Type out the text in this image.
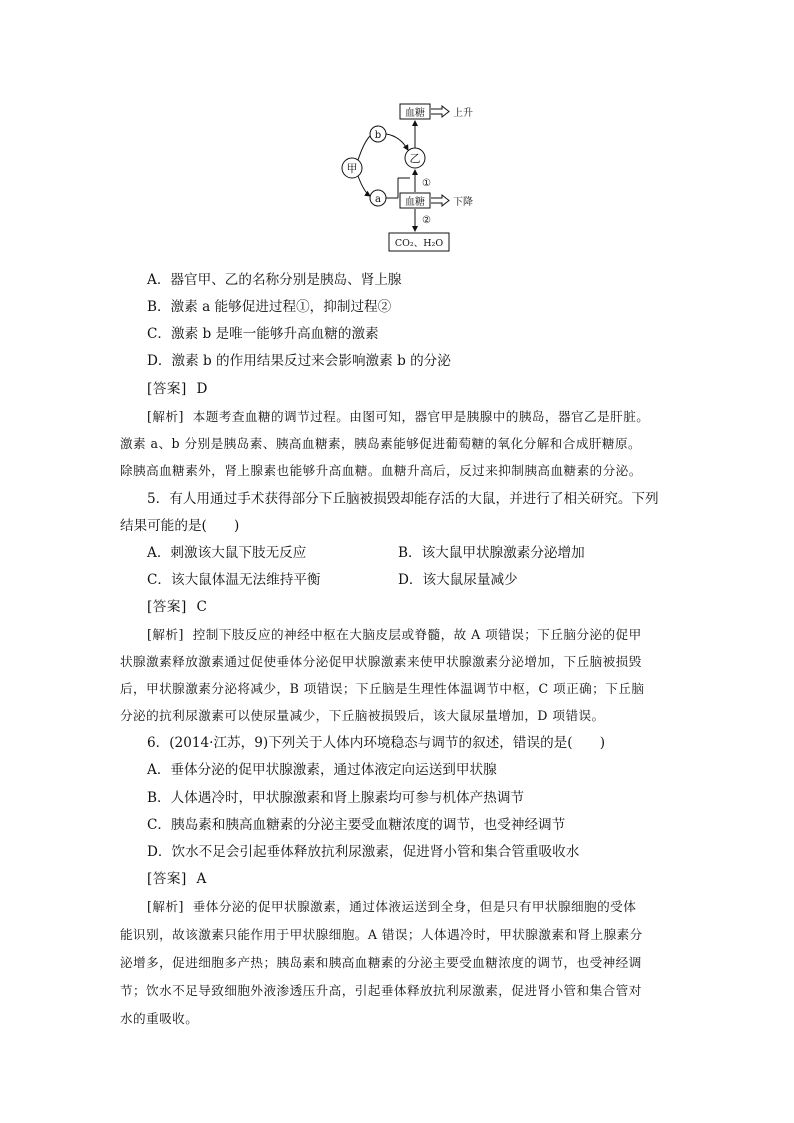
血糖	上升
b
甲
a
乙
①
血糖	下降
②
CO₂、H₂O
A．器官甲、乙的名称分别是胰岛、肾上腺
B．激素 a 能够促进过程①，抑制过程②
C．激素 b 是唯一能够升高血糖的激素
D．激素 b 的作用结果反过来会影响激素 b 的分泌
[答案] D
[解析] 本题考查血糖的调节过程。由图可知，器官甲是胰腺中的胰岛，器官乙是肝脏。
激素 a、b 分别是胰岛素、胰高血糖素，胰岛素能够促进葡萄糖的氧化分解和合成肝糖原。
除胰高血糖素外，肾上腺素也能够升高血糖。血糖升高后，反过来抑制胰高血糖素的分泌。
5．有人用通过手术获得部分下丘脑被损毁却能存活的大鼠，并进行了相关研究。下列
结果可能的是(　　)
A．刺激该大鼠下肢无反应	B．该大鼠甲状腺激素分泌增加
C．该大鼠体温无法维持平衡	D．该大鼠尿量减少
[答案] C
[解析] 控制下肢反应的神经中枢在大脑皮层或脊髓，故 A 项错误；下丘脑分泌的促甲
状腺激素释放激素通过促使垂体分泌促甲状腺激素来使甲状腺激素分泌增加，下丘脑被损毁
后，甲状腺激素分泌将减少，B 项错误；下丘脑是生理性体温调节中枢，C 项正确；下丘脑
分泌的抗利尿激素可以使尿量减少，下丘脑被损毁后，该大鼠尿量增加，D 项错误。
6．(2014·江苏，9)下列关于人体内环境稳态与调节的叙述，错误的是(　　)
A．垂体分泌的促甲状腺激素，通过体液定向运送到甲状腺
B．人体遇冷时，甲状腺激素和肾上腺素均可参与机体产热调节
C．胰岛素和胰高血糖素的分泌主要受血糖浓度的调节，也受神经调节
D．饮水不足会引起垂体释放抗利尿激素，促进肾小管和集合管重吸收水
[答案] A
[解析] 垂体分泌的促甲状腺激素，通过体液运送到全身，但是只有甲状腺细胞的受体
能识别，故该激素只能作用于甲状腺细胞。A 错误；人体遇冷时，甲状腺激素和肾上腺素分
泌增多，促进细胞多产热；胰岛素和胰高血糖素的分泌主要受血糖浓度的调节，也受神经调
节；饮水不足导致细胞外液渗透压升高，引起垂体释放抗利尿激素，促进肾小管和集合管对
水的重吸收。
